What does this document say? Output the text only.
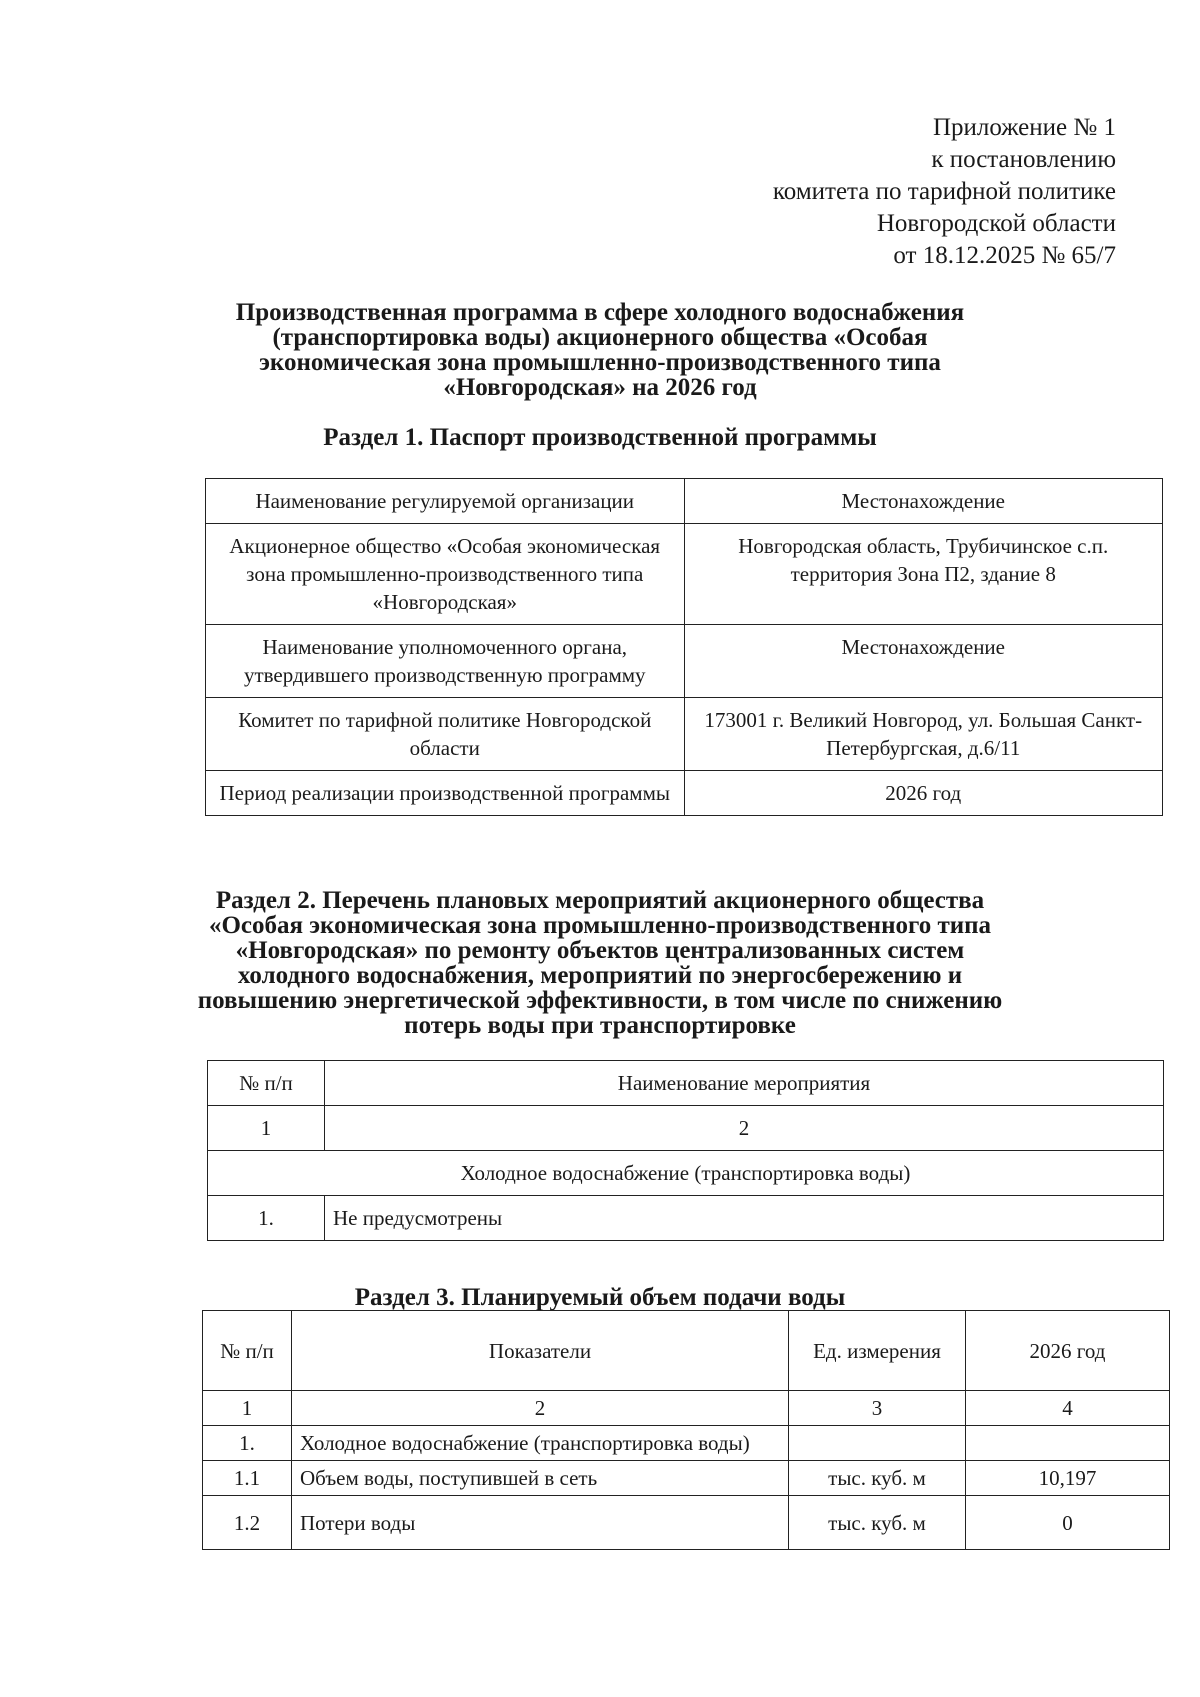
Приложение № 1
к постановлению
комитета по тарифной политике
Новгородской области
от 18.12.2025 № 65/7
Производственная программа в сфере холодного водоснабжения
(транспортировка воды) акционерного общества «Особая
экономическая зона промышленно-производственного типа
«Новгородская» на 2026 год
Раздел 1. Паспорт производственной программы
Наименование регулируемой организации	Местонахождение
Акционерное общество «Особая экономическая зона промышленно-производственного типа «Новгородская»	Новгородская область, Трубичинское с.п. территория Зона П2, здание 8
Наименование уполномоченного органа, утвердившего производственную программу	Местонахождение
Комитет по тарифной политике Новгородской области	173001 г. Великий Новгород, ул. Большая Санкт-Петербургская, д.6/11
Период реализации производственной программы	2026 год
Раздел 2. Перечень плановых мероприятий акционерного общества
«Особая экономическая зона промышленно-производственного типа
«Новгородская» по ремонту объектов централизованных систем
холодного водоснабжения, мероприятий по энергосбережению и
повышению энергетической эффективности, в том числе по снижению
потерь воды при транспортировке
№ п/п	Наименование мероприятия
1	2
Холодное водоснабжение (транспортировка воды)	
1.	Не предусмотрены
Раздел 3. Планируемый объем подачи воды
№ п/п	Показатели	Ед. измерения	2026 год
1	2	3	4
1.	Холодное водоснабжение (транспортировка воды)		
1.1	Объем воды, поступившей в сеть	тыс. куб. м	10,197
1.2	Потери воды	тыс. куб. м	0
